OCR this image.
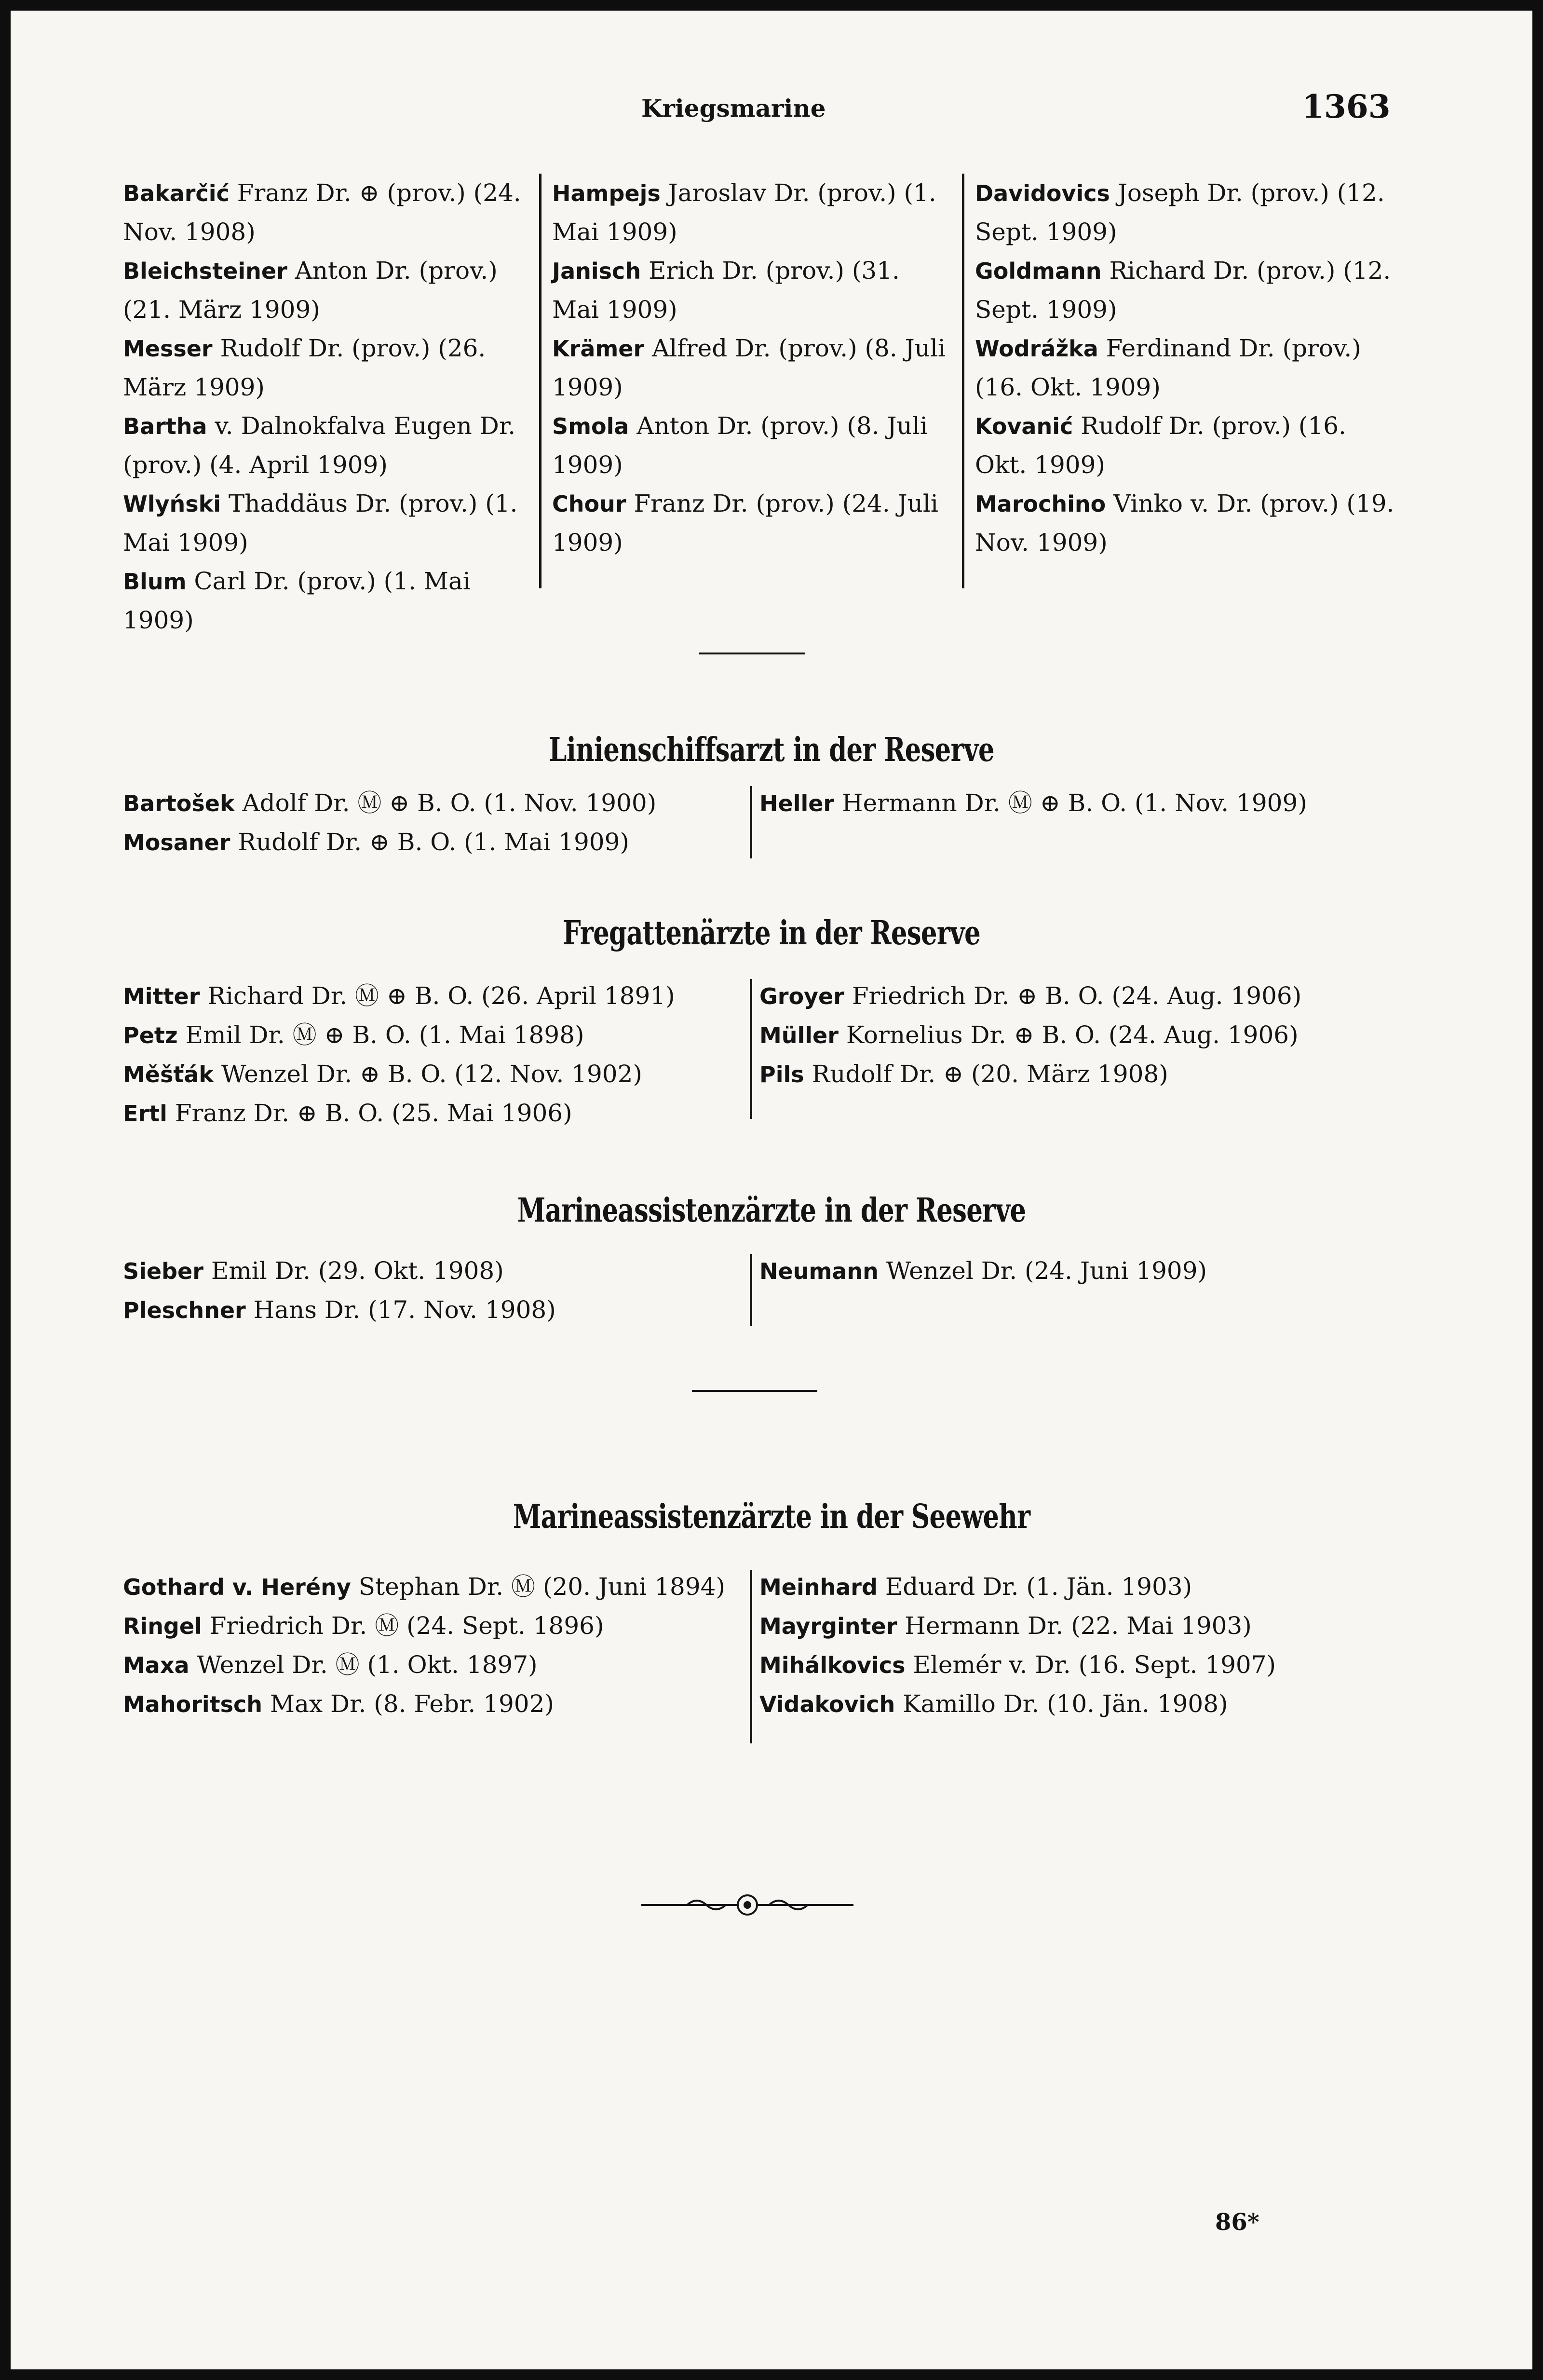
Kriegsmarine	1363

Bakarčić Franz Dr. ⊕ (prov.) (24. Nov. 1908)

Bleichsteiner Anton Dr. (prov.) (21. März 1909)

Messer Rudolf Dr. (prov.) (26. März 1909)

Bartha v. Dalnokfalva Eugen Dr. (prov.) (4. April 1909)

Wlyński Thaddäus Dr. (prov.) (1. Mai 1909)

Blum Carl Dr. (prov.) (1. Mai 1909)

Hampejs Jaroslav Dr. (prov.) (1. Mai 1909)

Janisch Erich Dr. (prov.) (31. Mai 1909)

Krämer Alfred Dr. (prov.) (8. Juli 1909)

Smola Anton Dr. (prov.) (8. Juli 1909)

Chour Franz Dr. (prov.) (24. Juli 1909)

Davidovics Joseph Dr. (prov.) (12. Sept. 1909)

Goldmann Richard Dr. (prov.) (12. Sept. 1909)

Wodrážka Ferdinand Dr. (prov.) (16. Okt. 1909)

Kovanić Rudolf Dr. (prov.) (16. Okt. 1909)

Marochino Vinko v. Dr. (prov.) (19. Nov. 1909)

Linienschiffsarzt in der Reserve

Bartošek Adolf Dr. Ⓜ ⊕ B. O. (1. Nov. 1900)

Mosaner Rudolf Dr. ⊕ B. O. (1. Mai 1909)

Heller Hermann Dr. Ⓜ ⊕ B. O. (1. Nov. 1909)

Fregattenärzte in der Reserve

Mitter Richard Dr. Ⓜ ⊕ B. O. (26. April 1891)

Petz Emil Dr. Ⓜ ⊕ B. O. (1. Mai 1898)

Měšťák Wenzel Dr. ⊕ B. O. (12. Nov. 1902)

Ertl Franz Dr. ⊕ B. O. (25. Mai 1906)

Groyer Friedrich Dr. ⊕ B. O. (24. Aug. 1906)

Müller Kornelius Dr. ⊕ B. O. (24. Aug. 1906)

Pils Rudolf Dr. ⊕ (20. März 1908)

Marineassistenzärzte in der Reserve

Sieber Emil Dr. (29. Okt. 1908)

Pleschner Hans Dr. (17. Nov. 1908)

Neumann Wenzel Dr. (24. Juni 1909)

Marineassistenzärzte in der Seewehr

Gothard v. Herény Stephan Dr. Ⓜ (20. Juni 1894)

Ringel Friedrich Dr. Ⓜ (24. Sept. 1896)

Maxa Wenzel Dr. Ⓜ (1. Okt. 1897)

Mahoritsch Max Dr. (8. Febr. 1902)

Meinhard Eduard Dr. (1. Jän. 1903)

Mayrginter Hermann Dr. (22. Mai 1903)

Mihálkovics Elemér v. Dr. (16. Sept. 1907)

Vidakovich Kamillo Dr. (10. Jän. 1908)

86*
